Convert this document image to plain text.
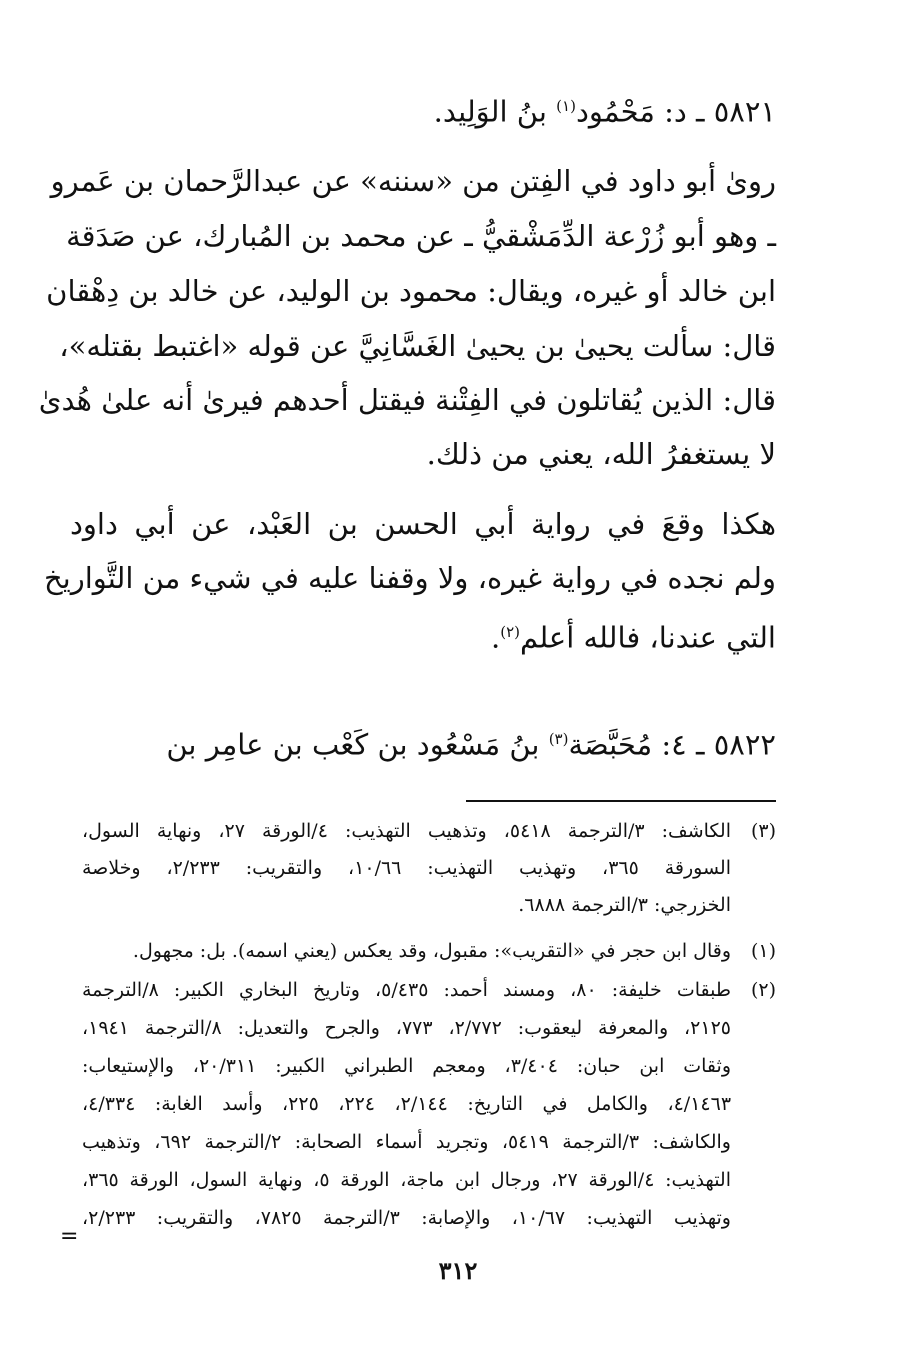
٥٨٢١ ـ د: مَحْمُود$^{(١)}$ بنُ الوَلِيد.
رویٰ أبو داود في الفِتن من «سننه» عن عبدالرَّحمان بن عَمرو
ـ وهو أبو زُرْعة الدِّمَشْقيُّ ـ عن محمد بن المُبارك، عن صَدَقة
ابن خالد أو غيره، ويقال: محمود بن الوليد، عن خالد بن دِهْقان
قال: سألت يحيىٰ بن يحيىٰ الغَسَّانِيَّ عن قوله «اغتبط بقتله»،
قال: الذين يُقاتلون في الفِتْنة فيقتل أحدهم فيرىٰ أنه علىٰ هُدىٰ
لا يستغفرُ الله، يعني من ذلك.
هكذا وقعَ في رواية أبي الحسن بن العَبْد، عن أبي داود
ولم نجده في رواية غيره، ولا وقفنا عليه في شيء من التَّواريخ
التي عندنا، فالله أعلم$^{(٢)}$.
٥٨٢٢ ـ ٤: مُحَبَّصَة$^{(٣)}$ بنُ مَسْعُود بن كَعْب بن عامِر بن
(٣)
الكاشف: ٣/الترجمة ٥٤١٨، وتذهيب التهذيب: ٤/الورقة ٢٧، ونهاية السول،
السورقة ٣٦٥، وتهذيب التهذيب: ١٠/٦٦، والتقريب: ٢/٢٣٣، وخلاصة
الخزرجي: ٣/الترجمة ٦٨٨٨.
(١)
وقال ابن حجر في «التقريب»: مقبول، وقد يعكس (يعني اسمه). بل: مجهول.
(٢)
طبقات خليفة: ٨٠، ومسند أحمد: ٥/٤٣٥، وتاريخ البخاري الكبير: ٨/الترجمة
٢١٢٥، والمعرفة ليعقوب: ٢/٧٧٢، ٧٧٣، والجرح والتعديل: ٨/الترجمة ١٩٤١،
وثقات ابن حبان: ٣/٤٠٤، ومعجم الطبراني الكبير: ٢٠/٣١١، والإستيعاب:
٤/١٤٦٣، والكامل في التاريخ: ٢/١٤٤، ٢٢٤، ٢٢٥، وأسد الغابة: ٤/٣٣٤،
والكاشف: ٣/الترجمة ٥٤١٩، وتجريد أسماء الصحابة: ٢/الترجمة ٦٩٢، وتذهيب
التهذيب: ٤/الورقة ٢٧، ورجال ابن ماجة، الورقة ٥، ونهاية السول، الورقة ٣٦٥،
وتهذيب التهذيب: ١٠/٦٧، والإصابة: ٣/الترجمة ٧٨٢٥، والتقريب: ٢/٢٣٣،
=
٣١٢
